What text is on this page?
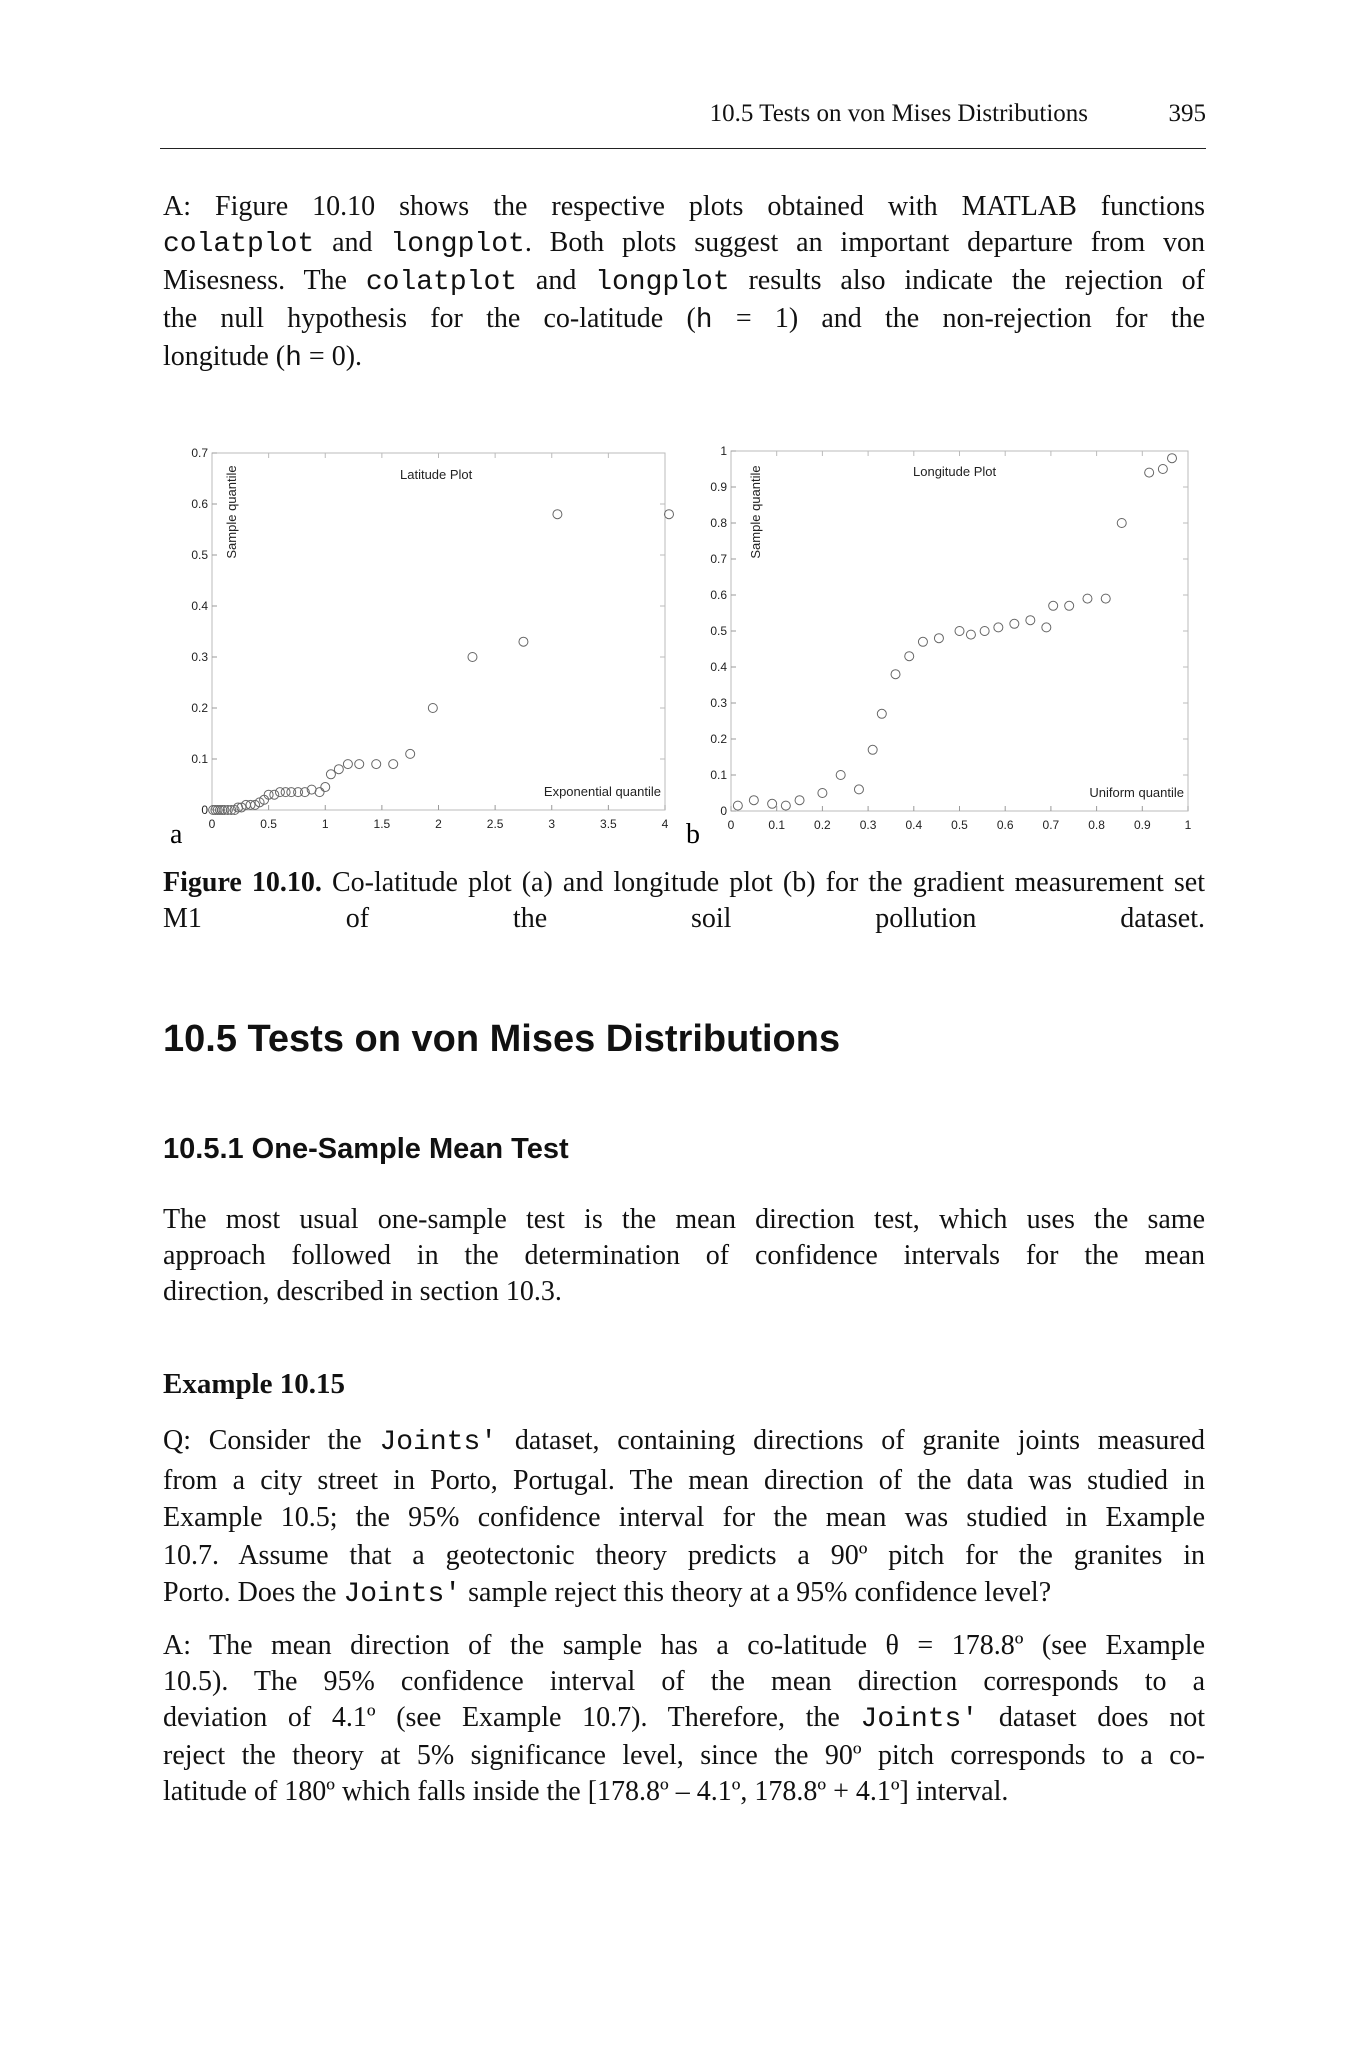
10.5 Tests on von Mises Distributions	395
A: Figure 10.10 shows the respective plots obtained with MATLAB functions
colatplot and longplot. Both plots suggest an important departure from von
Misesness. The colatplot and longplot results also indicate the rejection of
the null hypothesis for the co-latitude (h = 1) and the non-rejection for the
longitude (h = 0).
0	0.5	1	1.5	2	2.5	3	3.5	4
0
0.1
0.2
0.3
0.4
0.5
0.6
0.7
Latitude Plot
Exponential quantile
Sample quantile
0	0.1 0.2 0.3 0.4 0.5 0.6 0.7 0.8 0.9	1
0
0.1
0.2
0.3
0.4
0.5
0.6
0.7
0.8
0.9
1
Longitude Plot
Uniform quantile
Sample quantile
a	b
Figure 10.10. Co-latitude plot (a) and longitude plot (b) for the gradient measurement set M1 of the soil pollution dataset.
10.5 Tests on von Mises Distributions
10.5.1 One-Sample Mean Test
The most usual one-sample test is the mean direction test, which uses the same
approach followed in the determination of confidence intervals for the mean
direction, described in section 10.3.
Example 10.15
Q: Consider the Joints' dataset, containing directions of granite joints measured
from a city street in Porto, Portugal. The mean direction of the data was studied in
Example 10.5; the 95% confidence interval for the mean was studied in Example
10.7. Assume that a geotectonic theory predicts a 90º pitch for the granites in
Porto. Does the Joints' sample reject this theory at a 95% confidence level?
A: The mean direction of the sample has a co-latitude θ = 178.8º (see Example
10.5). The 95% confidence interval of the mean direction corresponds to a
deviation of 4.1º (see Example 10.7). Therefore, the Joints' dataset does not
reject the theory at 5% significance level, since the 90º pitch corresponds to a co-
latitude of 180º which falls inside the [178.8º – 4.1º, 178.8º + 4.1º] interval.
